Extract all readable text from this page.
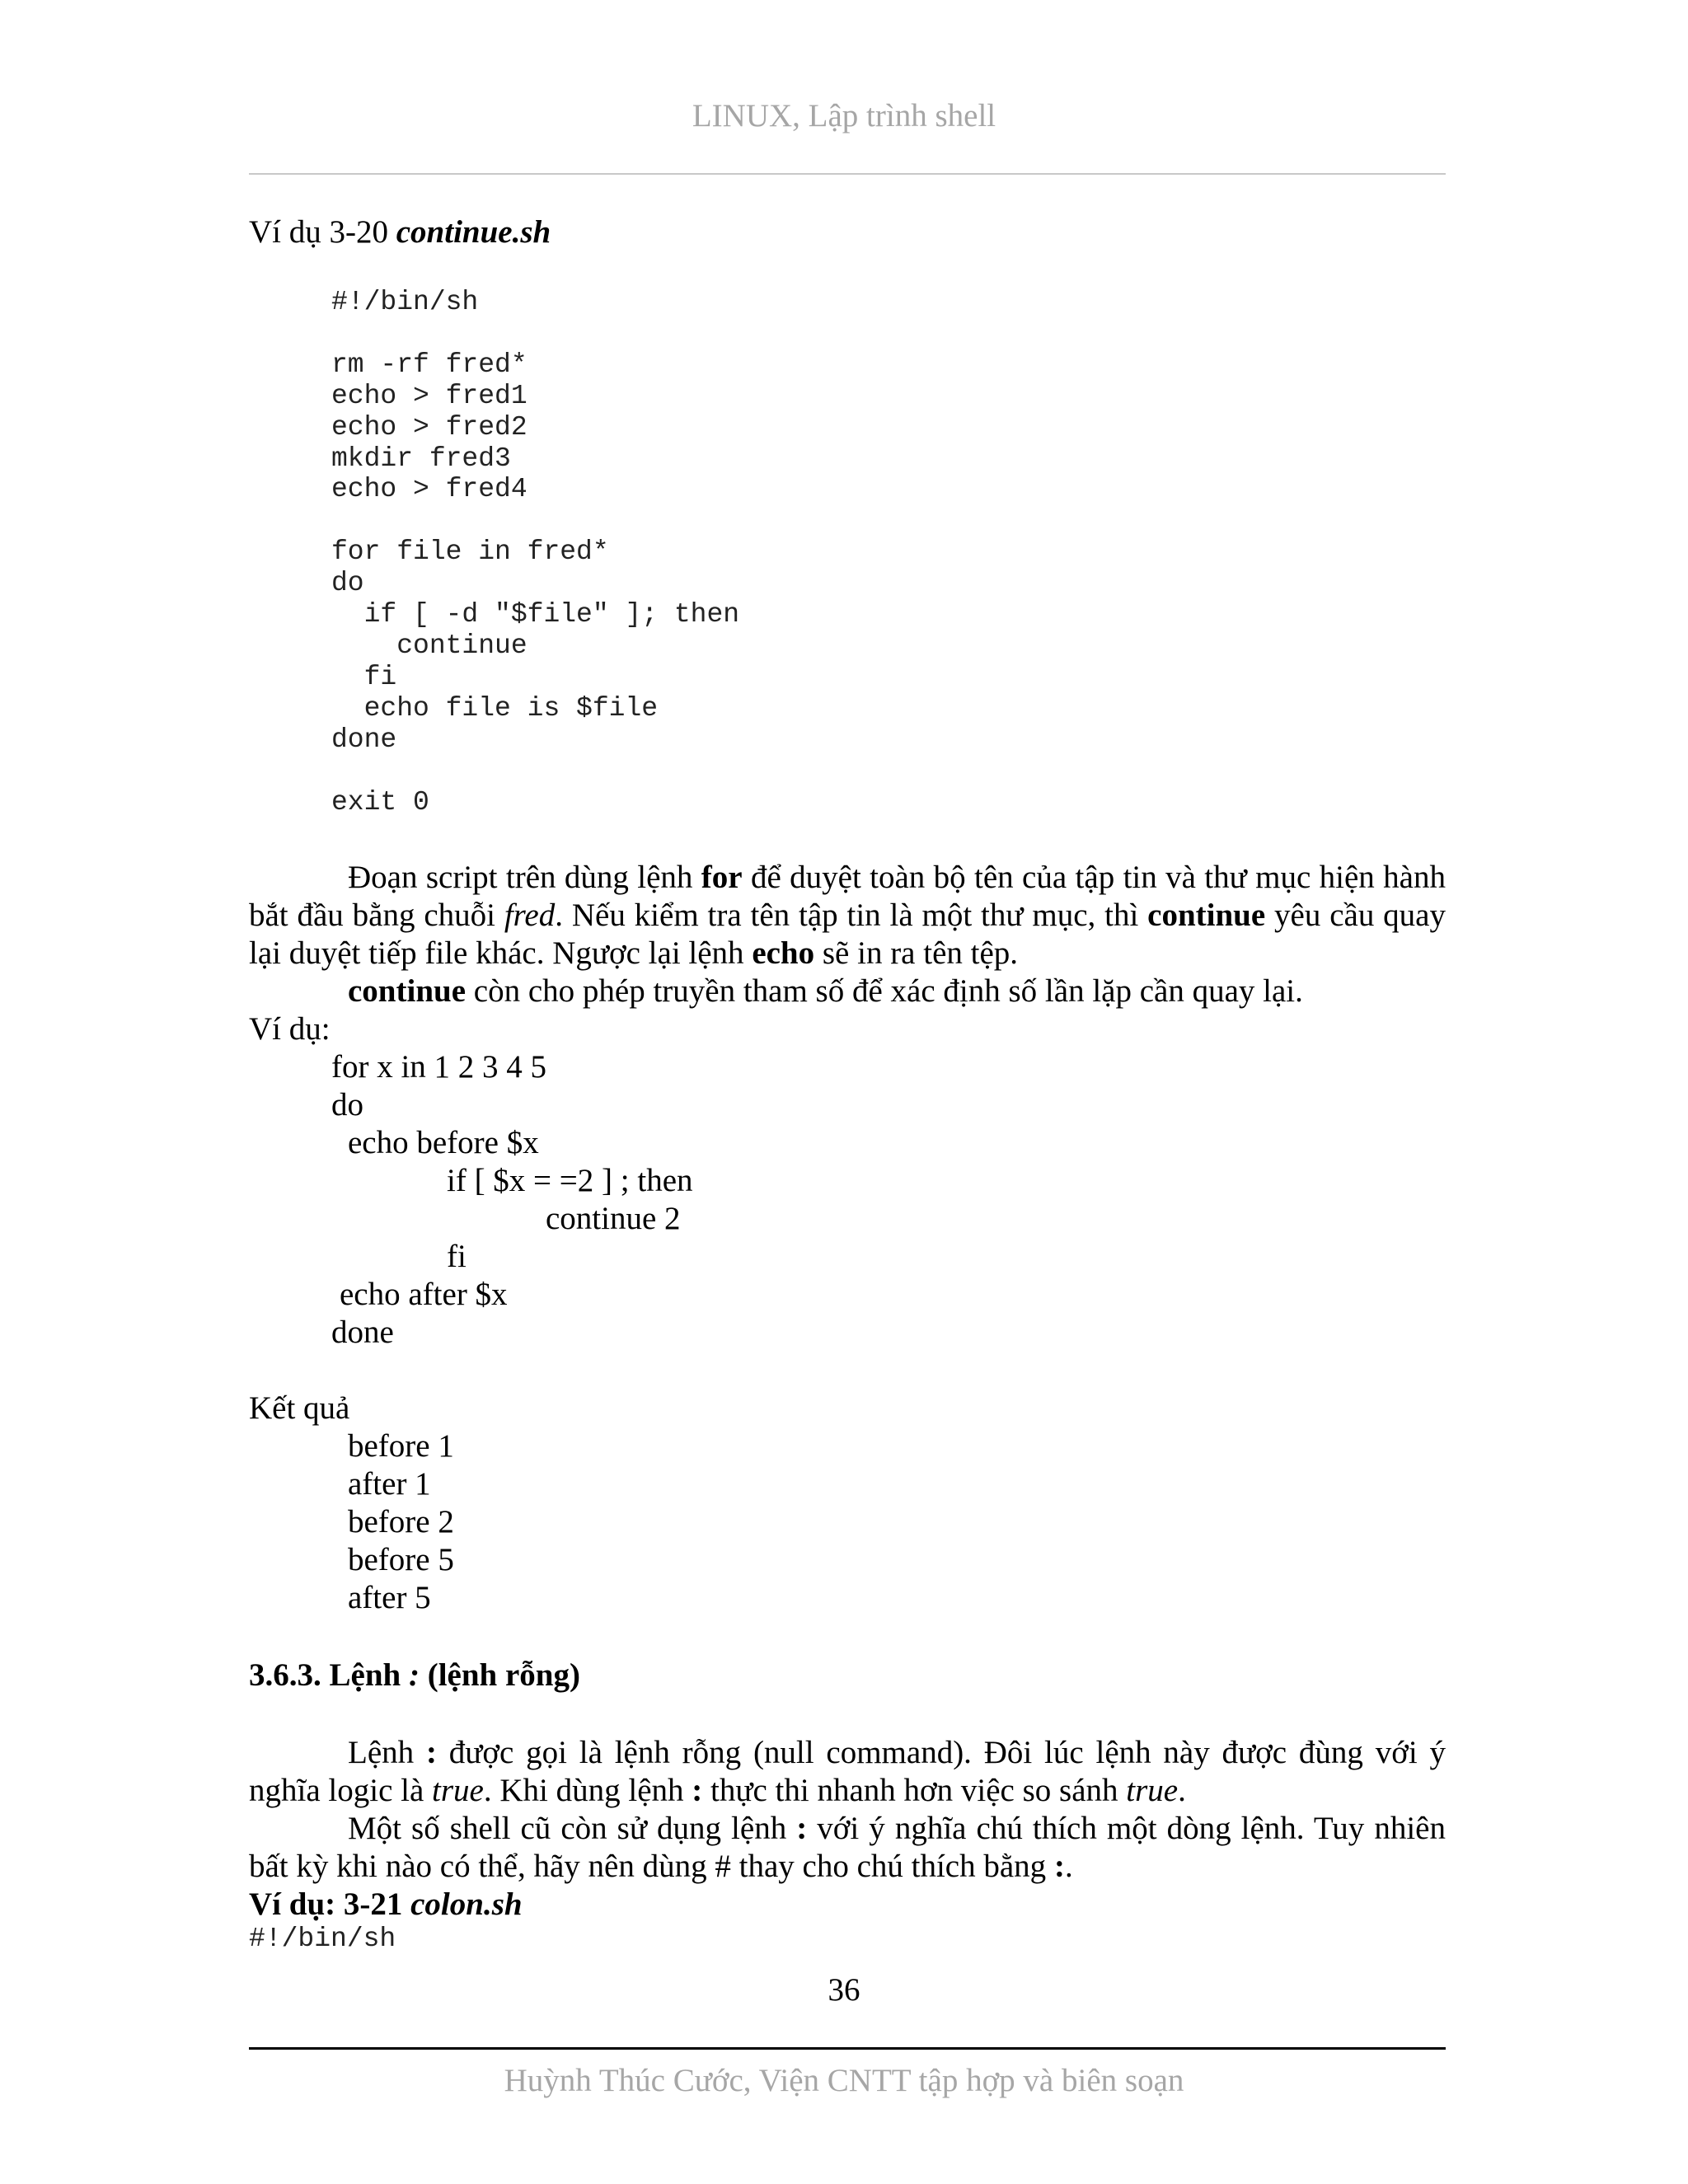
LINUX, Lập trình shell
Ví dụ 3-20 continue.sh
#!/bin/sh

rm -rf fred*
echo > fred1
echo > fred2
mkdir fred3
echo > fred4

for file in fred*
do
if [ -d "$file" ]; then
continue
fi
echo file is $file
done

exit 0

Đoạn script trên dùng lệnh for để duyệt toàn bộ tên của tập tin và thư mục hiện hành bắt đầu bằng chuỗi fred. Nếu kiểm tra tên tập tin là một thư mục, thì continue yêu cầu quay lại duyệt tiếp file khác. Ngược lại lệnh echo sẽ in ra tên tệp.

continue còn cho phép truyền tham số để xác định số lần lặp cần quay lại.

Ví dụ:
for x in 1 2 3 4 5
do
echo before $x
if [ $x = =2 ] ; then
continue 2
fi
echo after $x
done
Kết quả
before 1
after 1
before 2
before 5
after 5
3.6.3. Lệnh : (lệnh rỗng)

Lệnh : được gọi là lệnh rỗng (null command). Đôi lúc lệnh này được đùng với ý nghĩa logic là true. Khi dùng lệnh : thực thi nhanh hơn việc so sánh true.

Một số shell cũ còn sử dụng lệnh : với ý nghĩa chú thích một dòng lệnh. Tuy nhiên bất kỳ khi nào có thể, hãy nên dùng # thay cho chú thích bằng :.

Ví dụ: 3-21 colon.sh
#!/bin/sh
36
Huỳnh Thúc Cước, Viện CNTT tập hợp và biên soạn
